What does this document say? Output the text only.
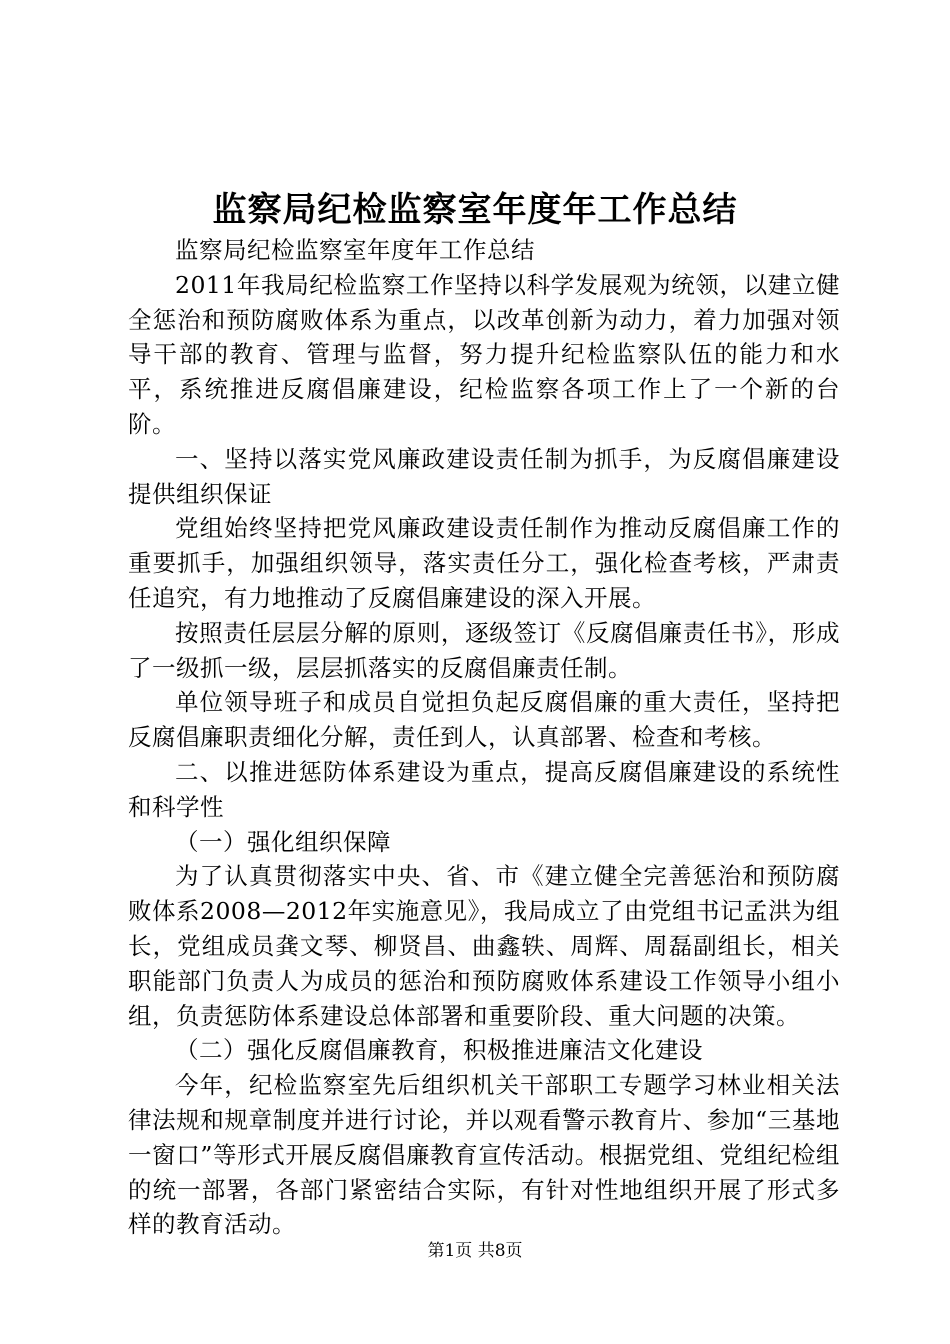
监察局纪检监察室年度年工作总结

监察局纪检监察室年度年工作总结

2011年我局纪检监察工作坚持以科学发展观为统领，以建立健全惩治和预防腐败体系为重点，以改革创新为动力，着力加强对领导干部的教育、管理与监督，努力提升纪检监察队伍的能力和水平，系统推进反腐倡廉建设，纪检监察各项工作上了一个新的台阶。

一、坚持以落实党风廉政建设责任制为抓手，为反腐倡廉建设提供组织保证

党组始终坚持把党风廉政建设责任制作为推动反腐倡廉工作的重要抓手，加强组织领导，落实责任分工，强化检查考核，严肃责任追究，有力地推动了反腐倡廉建设的深入开展。

按照责任层层分解的原则，逐级签订《反腐倡廉责任书》，形成了一级抓一级，层层抓落实的反腐倡廉责任制。

单位领导班子和成员自觉担负起反腐倡廉的重大责任，坚持把反腐倡廉职责细化分解，责任到人，认真部署、检查和考核。

二、以推进惩防体系建设为重点，提高反腐倡廉建设的系统性和科学性

（一）强化组织保障

为了认真贯彻落实中央、省、市《建立健全完善惩治和预防腐败体系2008—2012年实施意见》，我局成立了由党组书记孟洪为组长，党组成员龚文琴、柳贤昌、曲鑫轶、周辉、周磊副组长，相关职能部门负责人为成员的惩治和预防腐败体系建设工作领导小组小组，负责惩防体系建设总体部署和重要阶段、重大问题的决策。

（二）强化反腐倡廉教育，积极推进廉洁文化建设

今年，纪检监察室先后组织机关干部职工专题学习林业相关法律法规和规章制度并进行讨论，并以观看警示教育片、参加“三基地一窗口”等形式开展反腐倡廉教育宣传活动。根据党组、党组纪检组的统一部署，各部门紧密结合实际，有针对性地组织开展了形式多样的教育活动。

第1页 共8页
